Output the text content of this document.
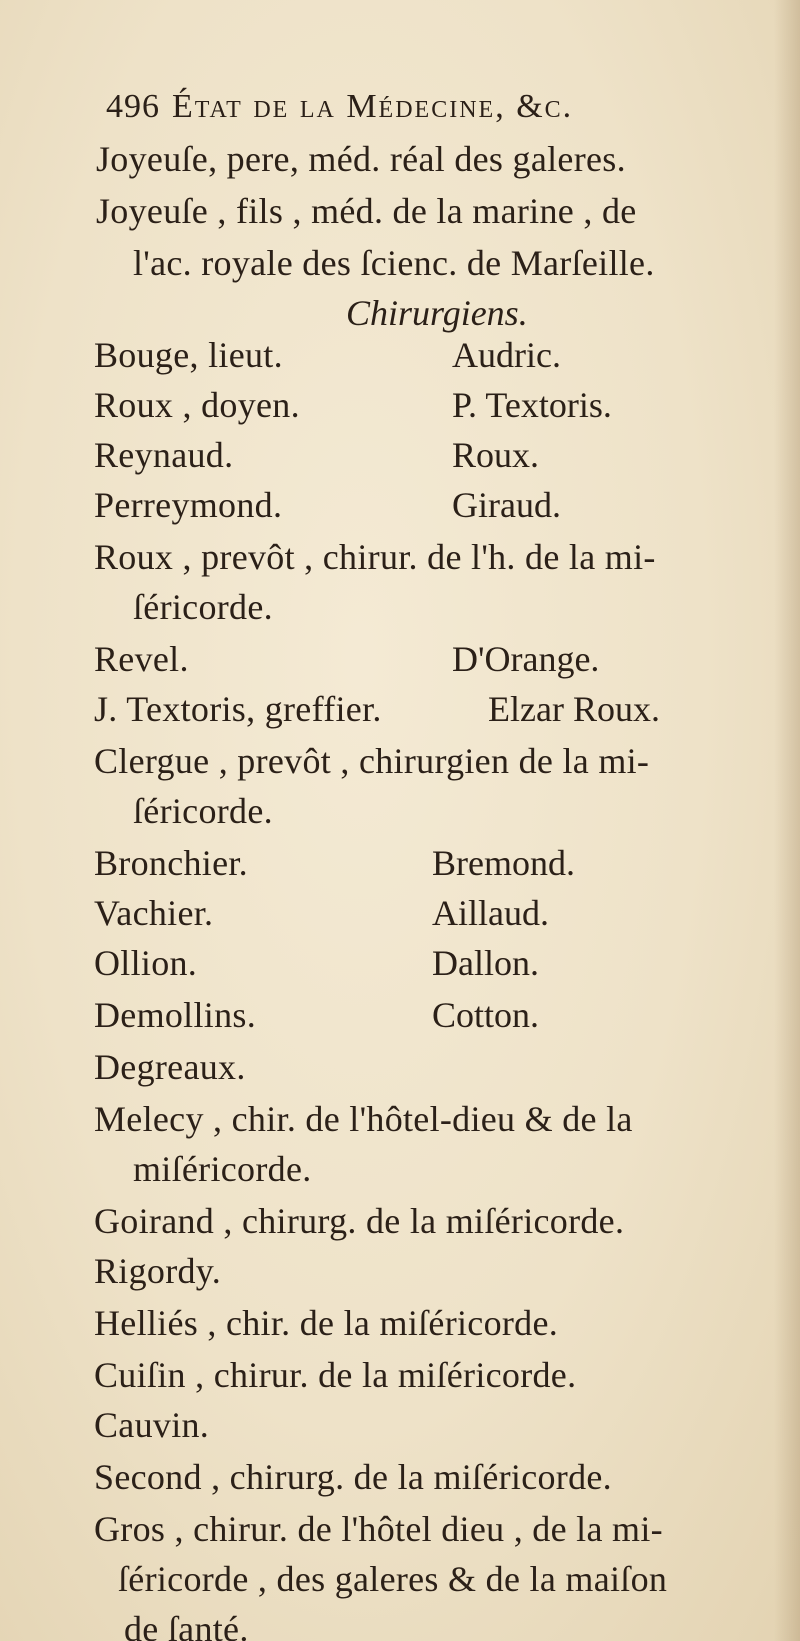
496 État de la Médecine, &c.
Joyeuſe, pere, méd. réal des galeres.
Joyeuſe , fils , méd. de la marine , de
l'ac. royale des ſcienc. de Marſeille.
Chirurgiens.
Bouge, lieut.	Audric.
Roux , doyen.	P. Textoris.
Reynaud.	Roux.
Perreymond.	Giraud.
Roux , prevôt , chirur. de l'h. de la mi-
ſéricorde.
Revel.	D'Orange.
J. Textoris, greffier.	Elzar Roux.
Clergue , prevôt , chirurgien de la mi-
ſéricorde.
Bronchier.	Bremond.
Vachier.	Aillaud.
Ollion.	Dallon.
Demollins.	Cotton.
Degreaux.
Melecy , chir. de l'hôtel-dieu & de la
miſéricorde.
Goirand , chirurg. de la miſéricorde.
Rigordy.
Helliés , chir. de la miſéricorde.
Cuiſin , chirur. de la miſéricorde.
Cauvin.
Second , chirurg. de la miſéricorde.
Gros , chirur. de l'hôtel dieu , de la mi-
ſéricorde , des galeres & de la maiſon
de ſanté.
